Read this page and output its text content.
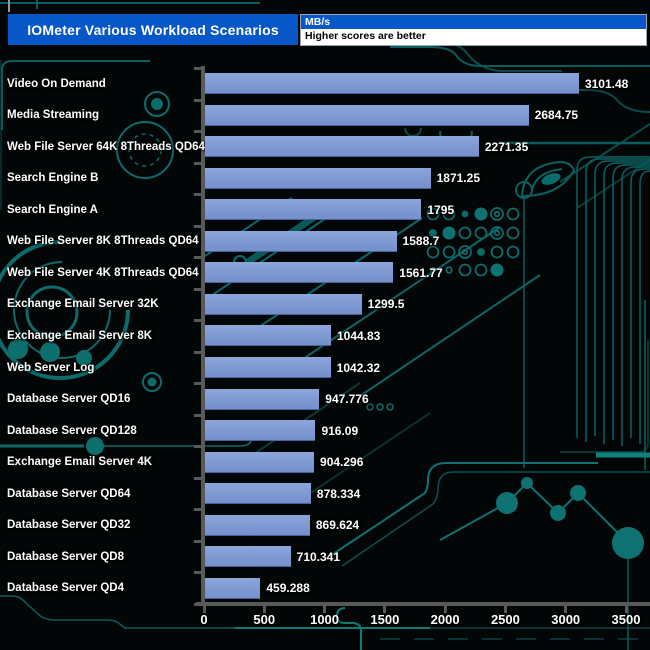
IOMeter Various Workload Scenarios	MB/s
Higher scores are better
Video On Demand	3101.48
Media Streaming	2684.75
Web File Server 64K 8Threads QD64	2271.35
Search Engine B	1871.25
Search Engine A	1795
Web File Server 8K 8Threads QD64	1588.7
Web File Server 4K 8Threads QD64	1561.77
Exchange Email Server 32K	1299.5
Exchange Email Server 8K	1044.83
Web Server Log	1042.32
Database Server QD16	947.776
Database Server QD128	916.09
Exchange Email Server 4K	904.296
Database Server QD64	878.334
Database Server QD32	869.624
Database Server QD8	710.341
Database Server QD4	459.288
0	500	1000	1500	2000	2500	3000	3500
